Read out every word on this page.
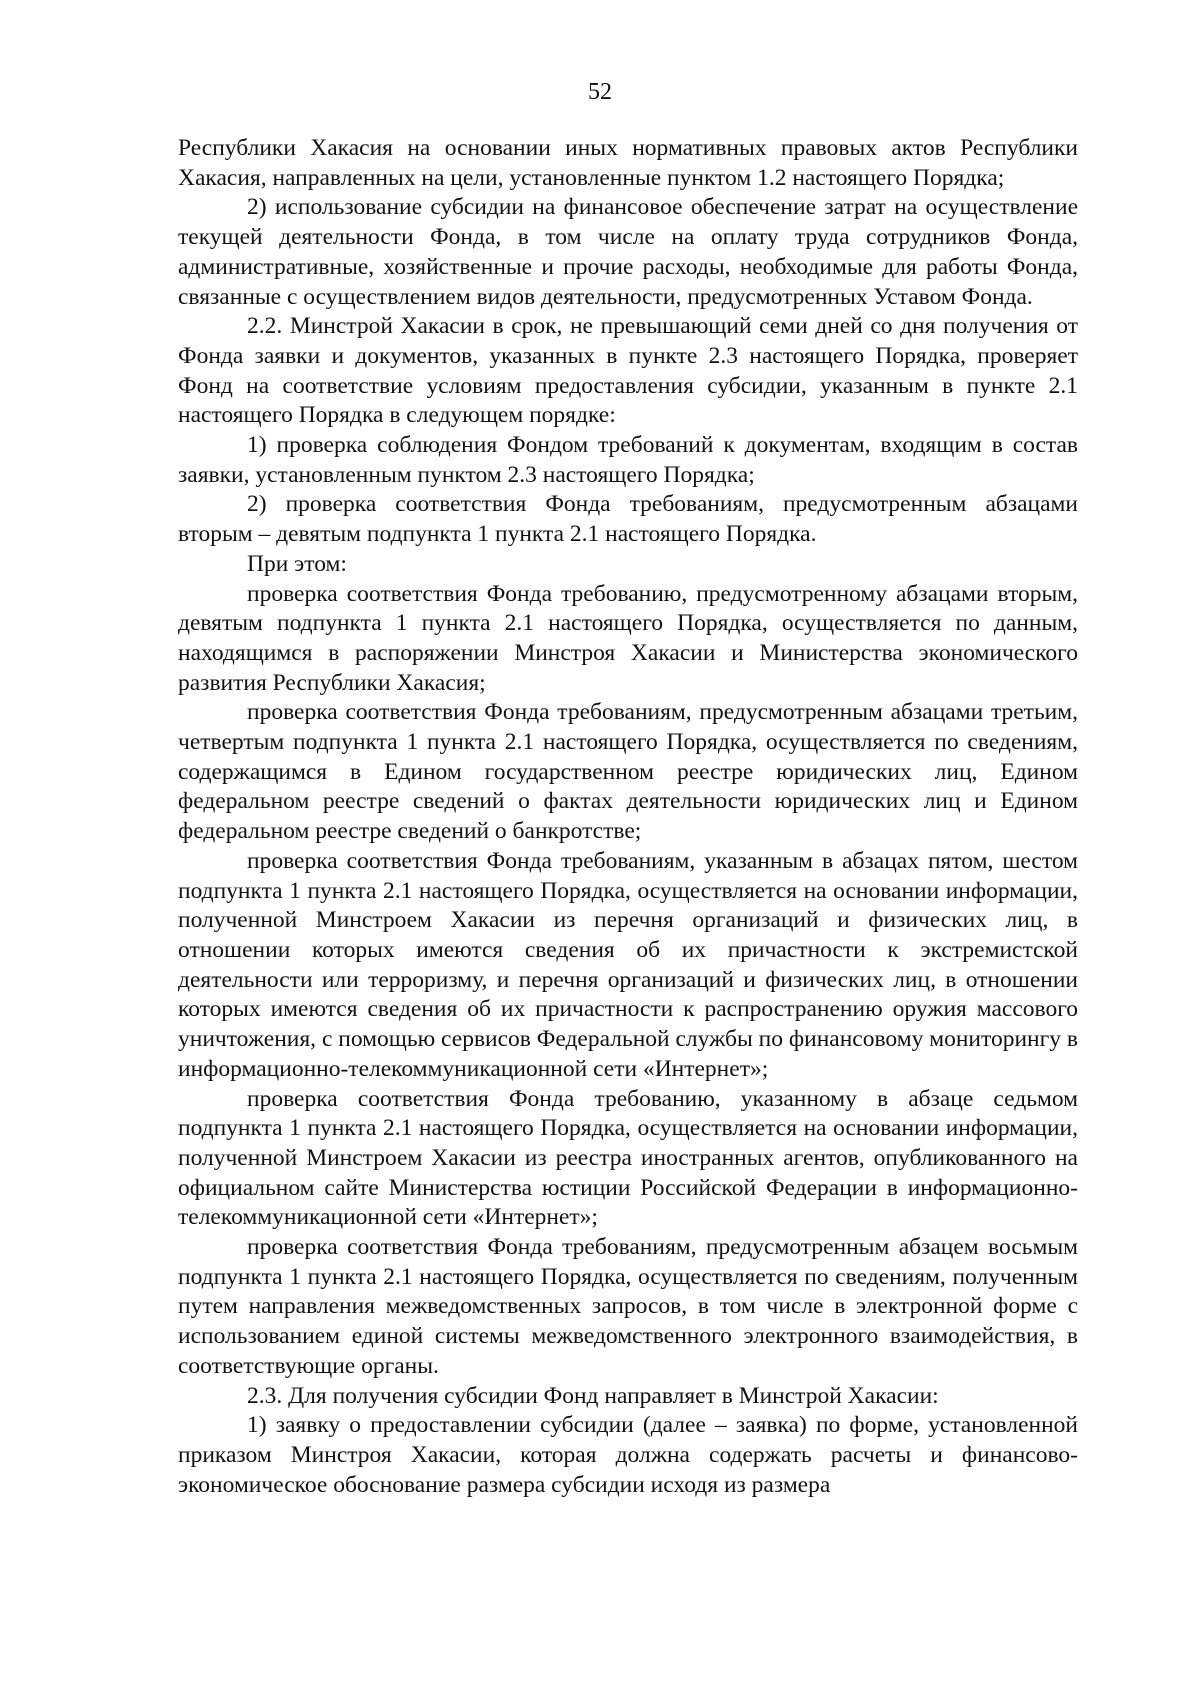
52

Республики Хакасия на основании иных нормативных правовых актов Республики Хакасия, направленных на цели, установленные пунктом 1.2 настоящего Порядка;

2) использование субсидии на финансовое обеспечение затрат на осуществление текущей деятельности Фонда, в том числе на оплату труда сотрудников Фонда, административные, хозяйственные и прочие расходы, необходимые для работы Фонда, связанные с осуществлением видов деятельности, предусмотренных Уставом Фонда.

2.2. Минстрой Хакасии в срок, не превышающий семи дней со дня получения от Фонда заявки и документов, указанных в пункте 2.3 настоящего Порядка, проверяет Фонд на соответствие условиям предоставления субсидии, указанным в пункте 2.1 настоящего Порядка в следующем порядке:

1) проверка соблюдения Фондом требований к документам, входящим в состав заявки, установленным пунктом 2.3 настоящего Порядка;

2) проверка соответствия Фонда требованиям, предусмотренным абзацами вторым – девятым подпункта 1 пункта 2.1 настоящего Порядка.

При этом:

проверка соответствия Фонда требованию, предусмотренному абзацами вторым, девятым подпункта 1 пункта 2.1 настоящего Порядка, осуществляется по данным, находящимся в распоряжении Минстроя Хакасии и Министерства экономического развития Республики Хакасия;

проверка соответствия Фонда требованиям, предусмотренным абзацами третьим, четвертым подпункта 1 пункта 2.1 настоящего Порядка, осуществляется по сведениям, содержащимся в Едином государственном реестре юридических лиц, Едином федеральном реестре сведений о фактах деятельности юридических лиц и Едином федеральном реестре сведений о банкротстве;

проверка соответствия Фонда требованиям, указанным в абзацах пятом, шестом подпункта 1 пункта 2.1 настоящего Порядка, осуществляется на основании информации, полученной Минстроем Хакасии из перечня организаций и физических лиц, в отношении которых имеются сведения об их причастности к экстремистской деятельности или терроризму, и перечня организаций и физических лиц, в отношении которых имеются сведения об их причастности к распространению оружия массового уничтожения, с помощью сервисов Федеральной службы по финансовому мониторингу в информационно-телекоммуникационной сети «Интернет»;

проверка соответствия Фонда требованию, указанному в абзаце седьмом подпункта 1 пункта 2.1 настоящего Порядка, осуществляется на основании информации, полученной Минстроем Хакасии из реестра иностранных агентов, опубликованного на официальном сайте Министерства юстиции Российской Федерации в информационно-телекоммуникационной сети «Интернет»;

проверка соответствия Фонда требованиям, предусмотренным абзацем восьмым подпункта 1 пункта 2.1 настоящего Порядка, осуществляется по сведениям, полученным путем направления межведомственных запросов, в том числе в электронной форме с использованием единой системы межведомственного электронного взаимодействия, в соответствующие органы.

2.3. Для получения субсидии Фонд направляет в Минстрой Хакасии:

1) заявку о предоставлении субсидии (далее – заявка) по форме, установленной приказом Минстроя Хакасии, которая должна содержать расчеты и финансово-экономическое обоснование размера субсидии исходя из размера
